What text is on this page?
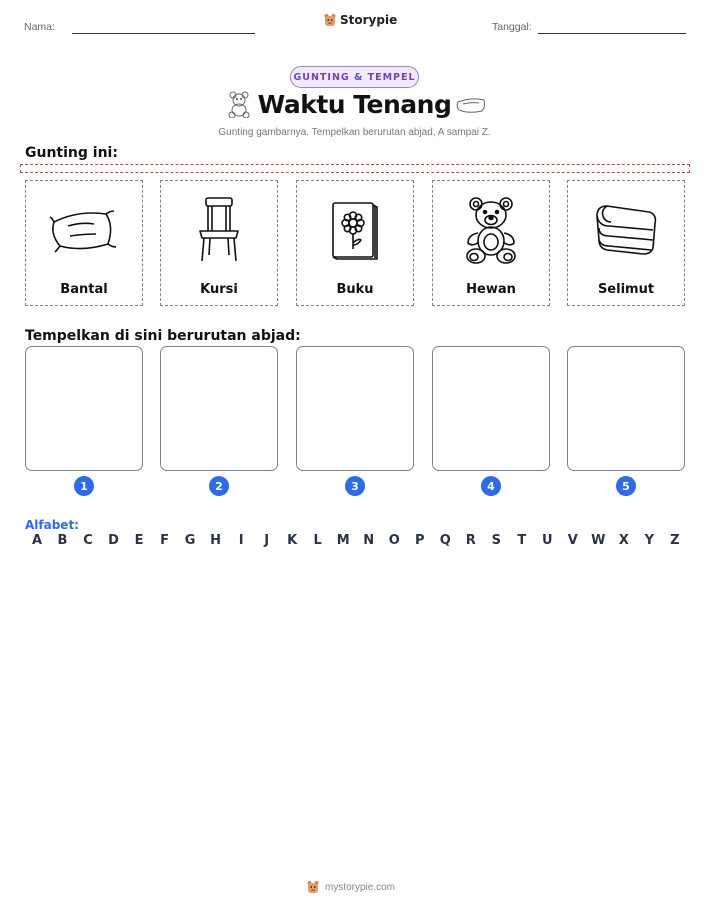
Nama:	Storypie	Tanggal:
GUNTING & TEMPEL
Waktu Tenang
Gunting gambarnya. Tempelkan berurutan abjad, A sampai Z.
Gunting ini:
Bantal	Kursi	Buku	Hewan	Selimut
Tempelkan di sini berurutan abjad:
1	2	3	4	5
Alfabet:
A	B	C	D	E	F	G	H	I	J	K	L	M	N	O	P	Q	R	S	T	U	V	W	X	Y	Z
mystorypie.com
